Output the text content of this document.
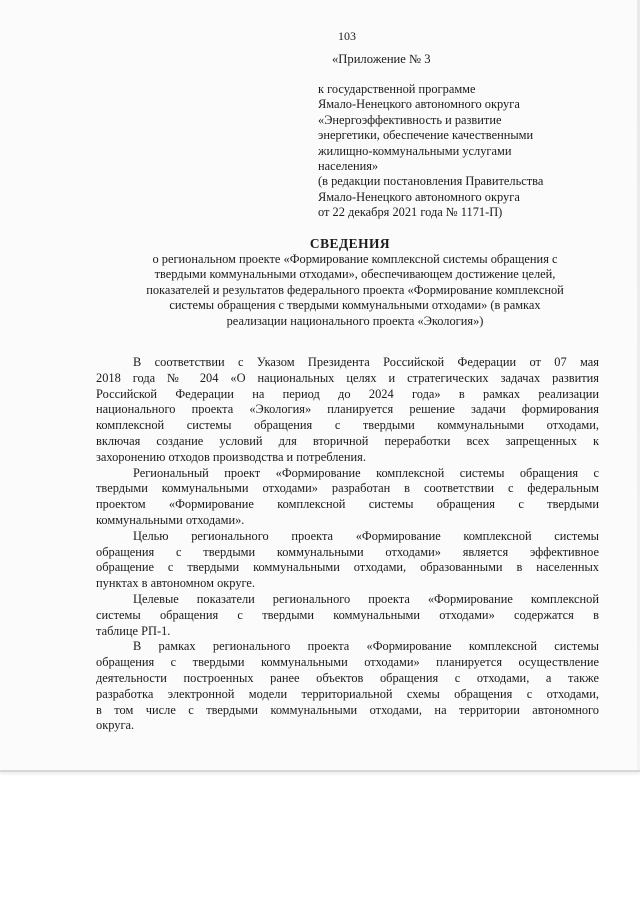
103
«Приложение № 3
к государственной программе
Ямало-Ненецкого автономного округа
«Энергоэффективность и развитие
энергетики, обеспечение качественными
жилищно-коммунальными услугами
населения»
(в редакции постановления Правительства
Ямало-Ненецкого автономного округа
от 22 декабря 2021 года № 1171-П)
СВЕДЕНИЯ
о региональном проекте «Формирование комплексной системы обращения с
твердыми коммунальными отходами», обеспечивающем достижение целей,
показателей и результатов федерального проекта «Формирование комплексной
системы обращения с твердыми коммунальными отходами» (в рамках
реализации национального проекта «Экология»)
В соответствии с Указом Президента Российской Федерации от 07 мая
2018 года № 204 «О национальных целях и стратегических задачах развития
Российской Федерации на период до 2024 года» в рамках реализации
национального проекта «Экология» планируется решение задачи формирования
комплексной системы обращения с твердыми коммунальными отходами,
включая создание условий для вторичной переработки всех запрещенных к
захоронению отходов производства и потребления.
Региональный проект «Формирование комплексной системы обращения с
твердыми коммунальными отходами» разработан в соответствии с федеральным
проектом «Формирование комплексной системы обращения с твердыми
коммунальными отходами».
Целью регионального проекта «Формирование комплексной системы
обращения с твердыми коммунальными отходами» является эффективное
обращение с твердыми коммунальными отходами, образованными в населенных
пунктах в автономном округе.
Целевые показатели регионального проекта «Формирование комплексной
системы обращения с твердыми коммунальными отходами» содержатся в
таблице РП-1.
В рамках регионального проекта «Формирование комплексной системы
обращения с твердыми коммунальными отходами» планируется осуществление
деятельности построенных ранее объектов обращения с отходами, а также
разработка электронной модели территориальной схемы обращения с отходами,
в том числе с твердыми коммунальными отходами, на территории автономного
округа.
